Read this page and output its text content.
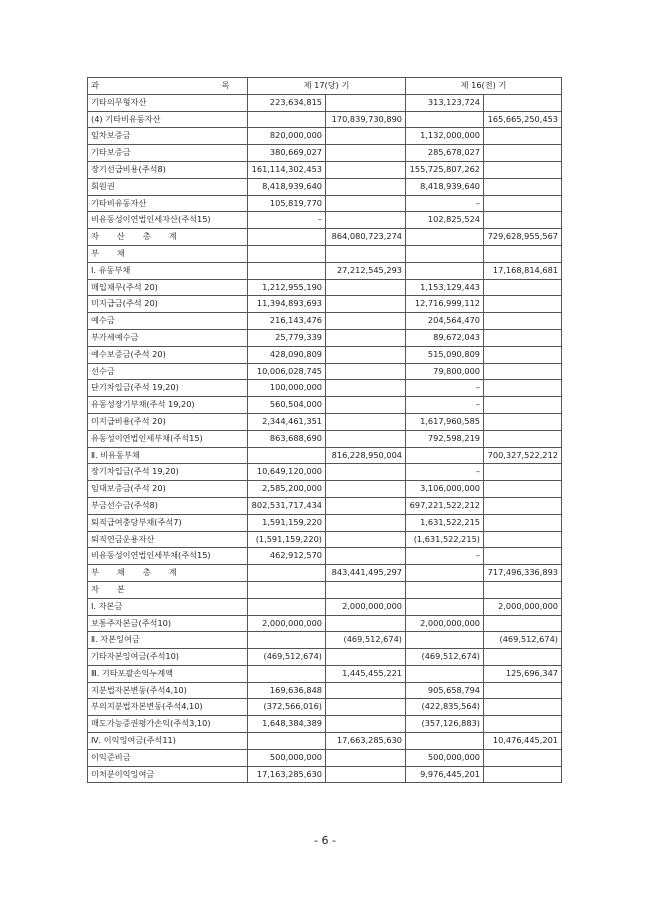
과 목	제 17(당) 기		제 16(전) 기	
기타의무형자산	223,634,815		313,123,724	
(4) 기타비유동자산		170,839,730,890		165,665,250,453
임차보증금	820,000,000		1,132,000,000	
기타보증금	380,669,027		285,678,027	
장기선급비용(주석8)	161,114,302,453		155,725,807,262	
회원권	8,418,939,640		8,418,939,640	
기타비유동자산	105,819,770		–	
비유동성이연법인세자산(주석15)	–		102,825,524	
자산총계		864,080,723,274		729,628,955,567
부채				
Ⅰ. 유동부채		27,212,545,293		17,168,814,681
매입채무(주석 20)	1,212,955,190		1,153,129,443	
미지급금(주석 20)	11,394,893,693		12,716,999,112	
예수금	216,143,476		204,564,470	
부가세예수금	25,779,339		89,672,043	
예수보증금(주석 20)	428,090,809		515,090,809	
선수금	10,006,028,745		79,800,000	
단기차입금(주석 19,20)	100,000,000		–	
유동성장기부채(주석 19,20)	560,504,000		–	
미지급비용(주석 20)	2,344,461,351		1,617,960,585	
유동성이연법인세부채(주석15)	863,688,690		792,598,219	
Ⅱ. 비유동부채		816,228,950,004		700,327,522,212
장기차입금(주석 19,20)	10,649,120,000		–	
임대보증금(주석 20)	2,585,200,000		3,106,000,000	
부금선수금(주석8)	802,531,717,434		697,221,522,212	
퇴직급여충당부채(주석7)	1,591,159,220		1,631,522,215	
퇴직연금운용자산	(1,591,159,220)		(1,631,522,215)	
비유동성이연법인세부채(주석15)	462,912,570		–	
부채총계		843,441,495,297		717,496,336,893
자본				
Ⅰ. 자본금		2,000,000,000		2,000,000,000
보통주자본금(주석10)	2,000,000,000		2,000,000,000	
Ⅱ. 자본잉여금		(469,512,674)		(469,512,674)
기타자본잉여금(주석10)	(469,512,674)		(469,512,674)	
Ⅲ. 기타포괄손익누계액		1,445,455,221		125,696,347
지분법자본변동(주석4,10)	169,636,848		905,658,794	
부의지분법자본변동(주석4,10)	(372,566,016)		(422,835,564)	
매도가능증권평가손익(주석3,10)	1,648,384,389		(357,126,883)	
Ⅳ. 이익잉여금(주석11)		17,663,285,630		10,476,445,201
이익준비금	500,000,000		500,000,000	
미처분이익잉여금	17,163,285,630		9,976,445,201	
- 6 -
